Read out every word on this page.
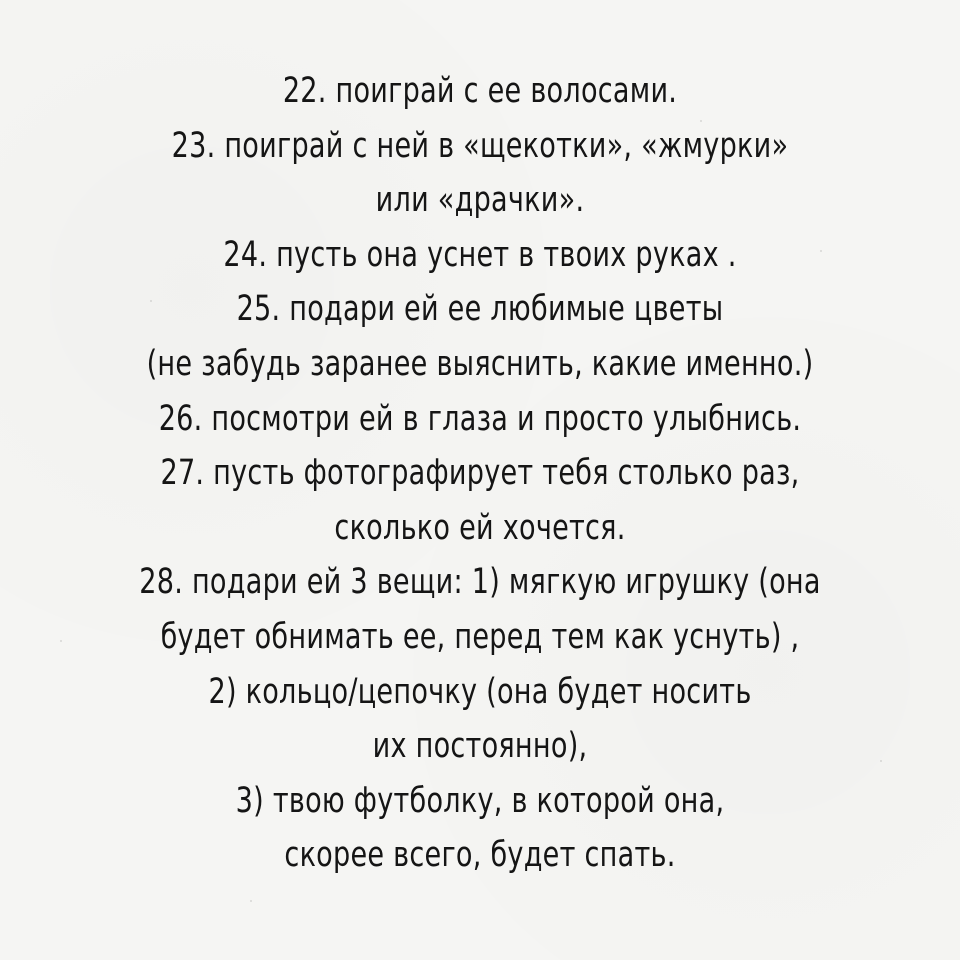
22. поиграй с ее волосами.
23. поиграй с ней в «щекотки», «жмурки»
или «драчки».
24. пусть она уснет в твоих руках .
25. подари ей ее любимые цветы
(не забудь заранее выяснить, какие именно.)
26. посмотри ей в глаза и просто улыбнись.
27. пусть фотографирует тебя столько раз,
сколько ей хочется.
28. подари ей 3 вещи: 1) мягкую игрушку (она
будет обнимать ее, перед тем как уснуть) ,
2) кольцо/цепочку (она будет носить
их постоянно),
3) твою футболку, в которой она,
скорее всего, будет спать.
